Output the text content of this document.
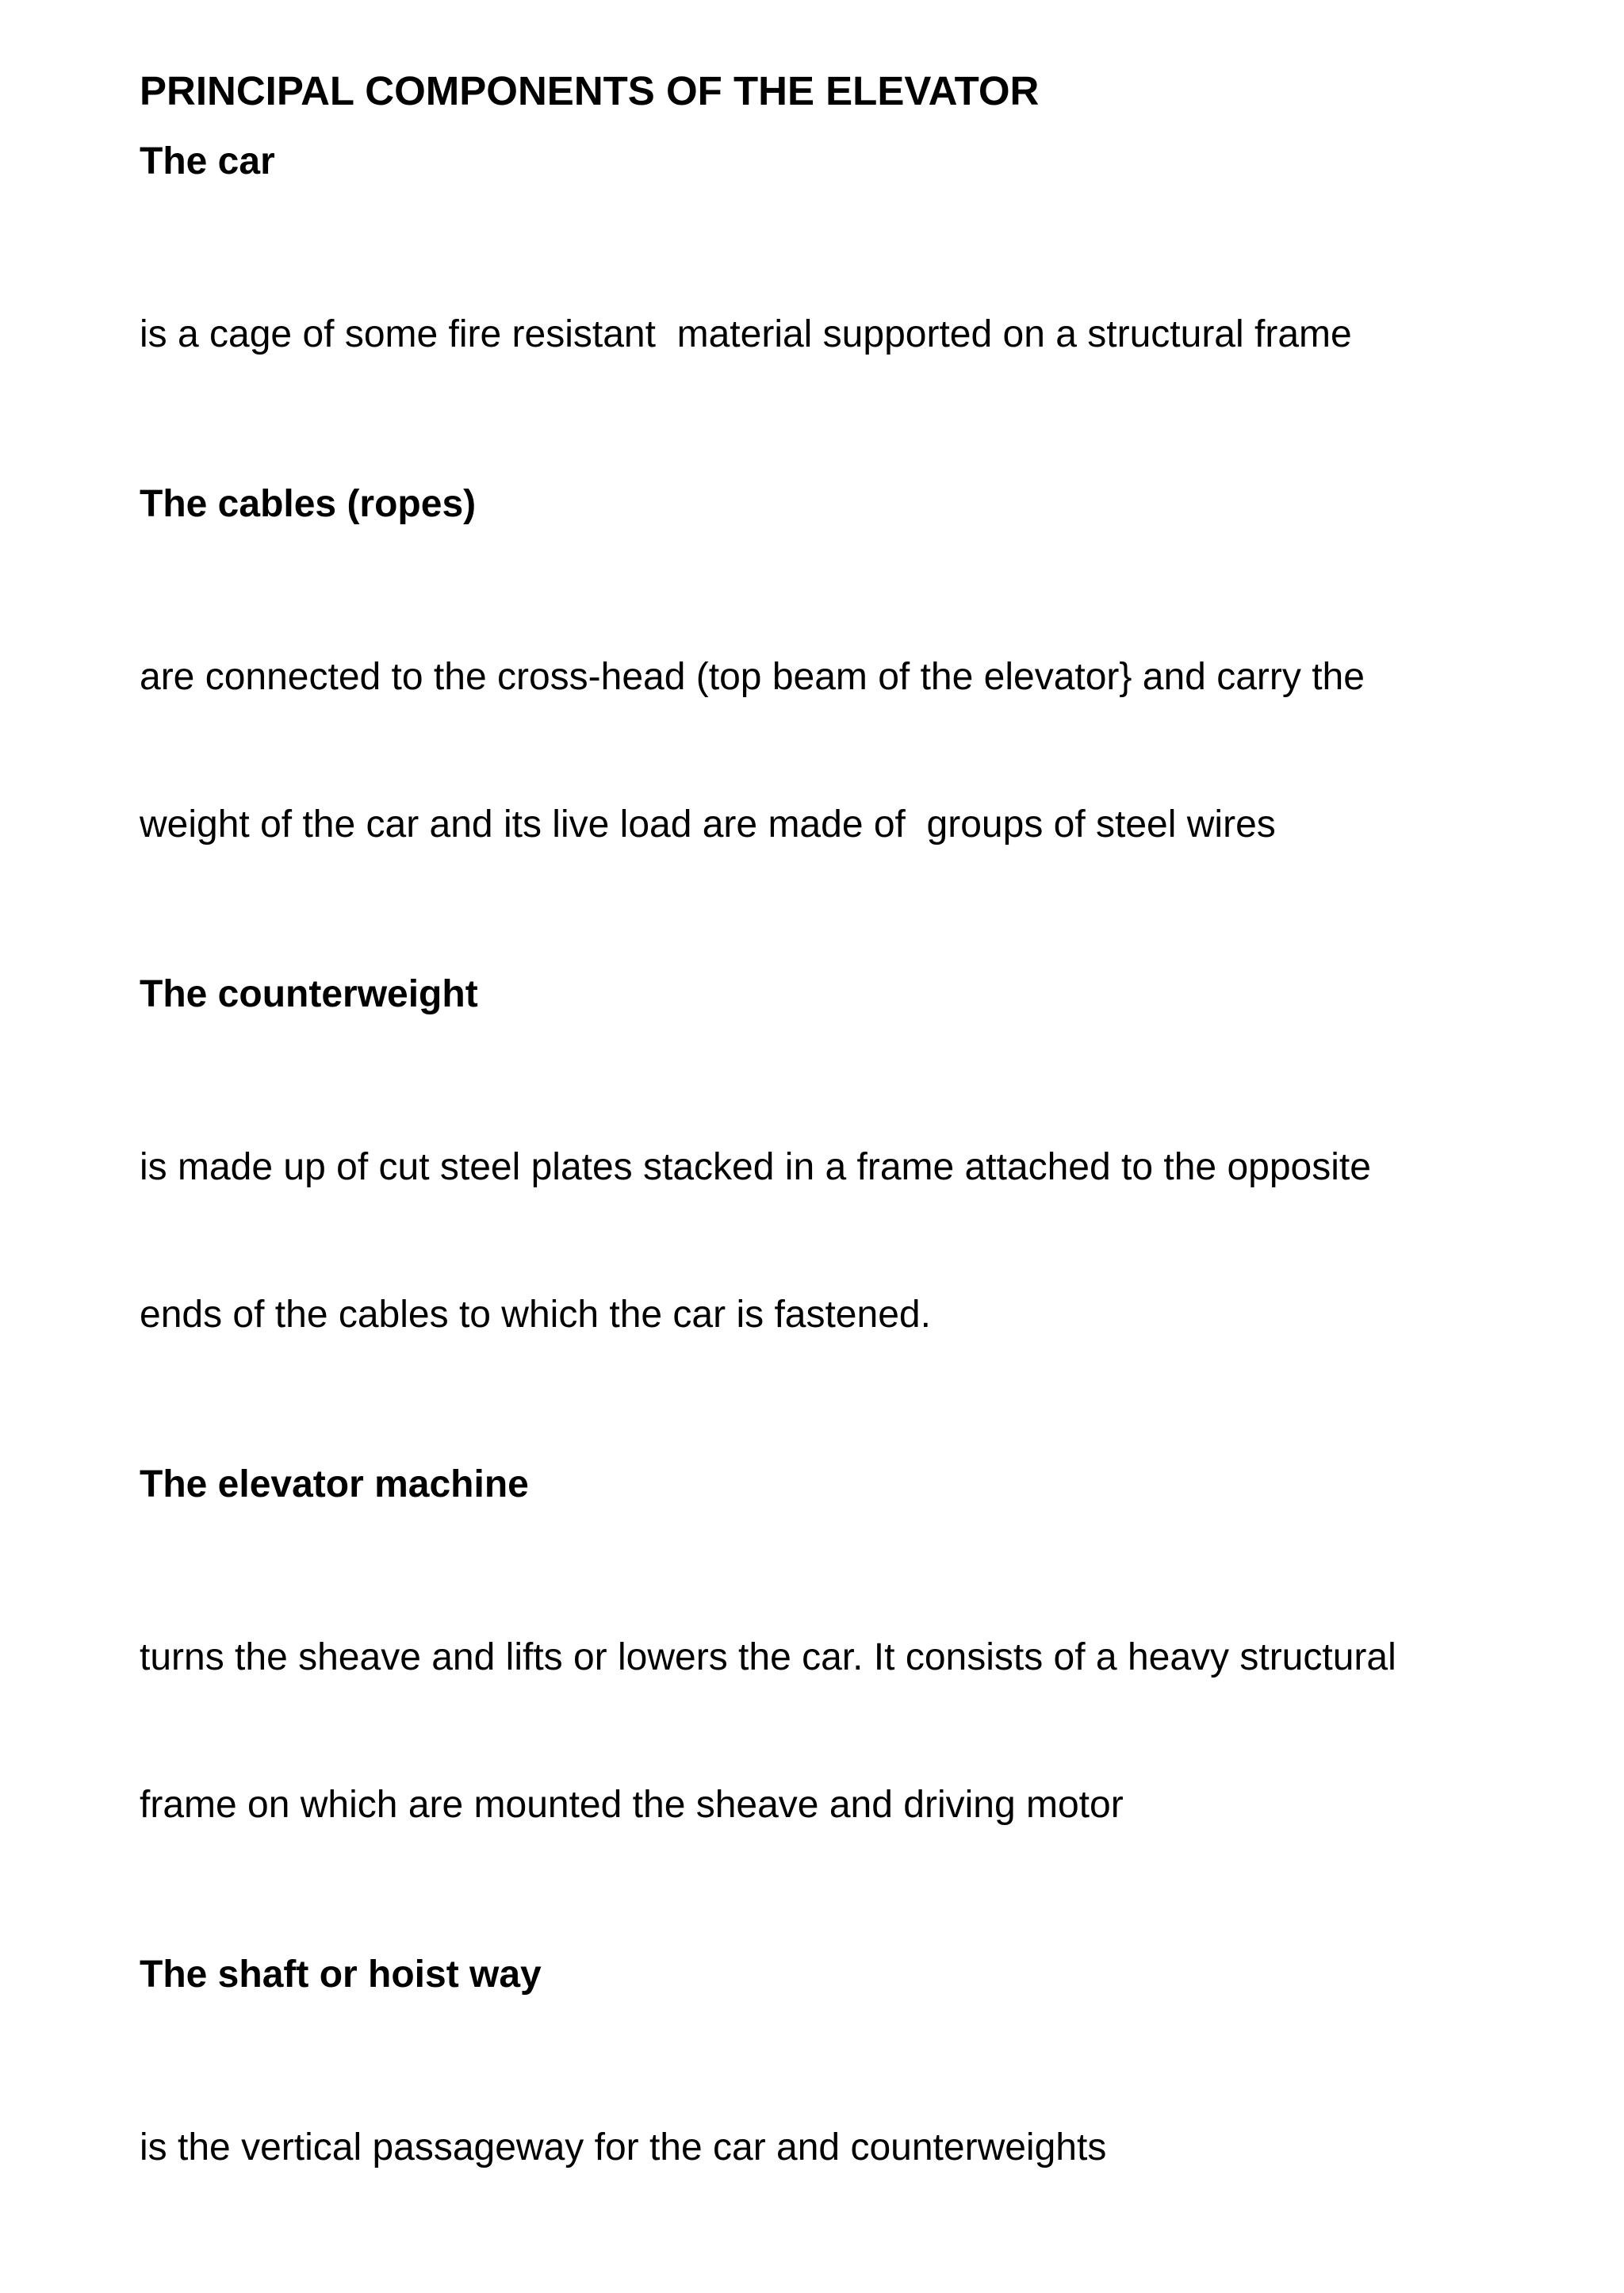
PRINCIPAL COMPONENTS OF THE ELEVATOR
The car

is a cage of some fire resistant  material supported on a structural frame

The cables (ropes)

are connected to the cross-head (top beam of the elevator} and carry the

weight of the car and its live load are made of  groups of steel wires

The counterweight

is made up of cut steel plates stacked in a frame attached to the opposite

ends of the cables to which the car is fastened.

The elevator machine

turns the sheave and lifts or lowers the car. It consists of a heavy structural

frame on which are mounted the sheave and driving motor

The shaft or hoist way

is the vertical passageway for the car and counterweights
